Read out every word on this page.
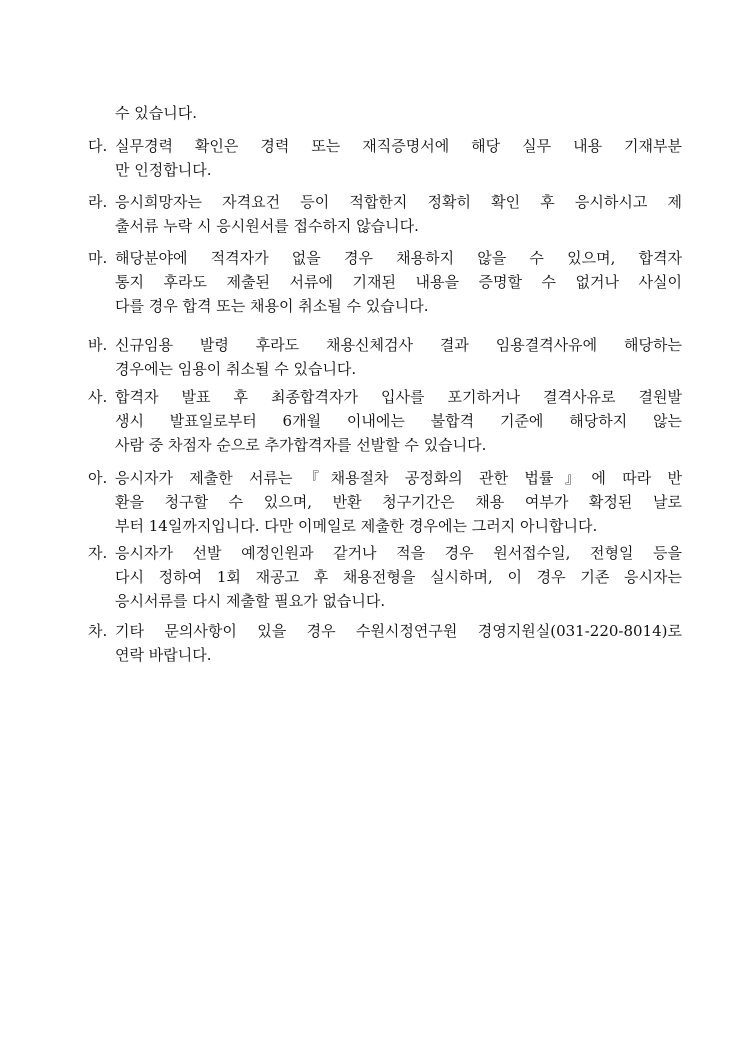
수 있습니다.
다. 실무경력 확인은 경력 또는 재직증명서에 해당 실무 내용 기재부분
만 인정합니다.
라. 응시희망자는 자격요건 등이 적합한지 정확히 확인 후 응시하시고 제
출서류 누락 시 응시원서를 접수하지 않습니다.
마. 해당분야에 적격자가 없을 경우 채용하지 않을 수 있으며, 합격자
통지 후라도 제출된 서류에 기재된 내용을 증명할 수 없거나 사실이
다를 경우 합격 또는 채용이 취소될 수 있습니다.
바. 신규임용 발령 후라도 채용신체검사 결과 임용결격사유에 해당하는
경우에는 임용이 취소될 수 있습니다.
사. 합격자 발표 후 최종합격자가 입사를 포기하거나 결격사유로 결원발
생시 발표일로부터 6개월 이내에는 불합격 기준에 해당하지 않는
사람 중 차점자 순으로 추가합격자를 선발할 수 있습니다.
아. 응시자가 제출한 서류는『채용절차 공정화의 관한 법률』에 따라 반
환을 청구할 수 있으며, 반환 청구기간은 채용 여부가 확정된 날로
부터 14일까지입니다. 다만 이메일로 제출한 경우에는 그러지 아니합니다.
자. 응시자가 선발 예정인원과 같거나 적을 경우 원서접수일, 전형일 등을
다시 정하여 1회 재공고 후 채용전형을 실시하며, 이 경우 기존 응시자는
응시서류를 다시 제출할 필요가 없습니다.
차. 기타 문의사항이 있을 경우 수원시정연구원 경영지원실(031-220-8014)로
연락 바랍니다.
